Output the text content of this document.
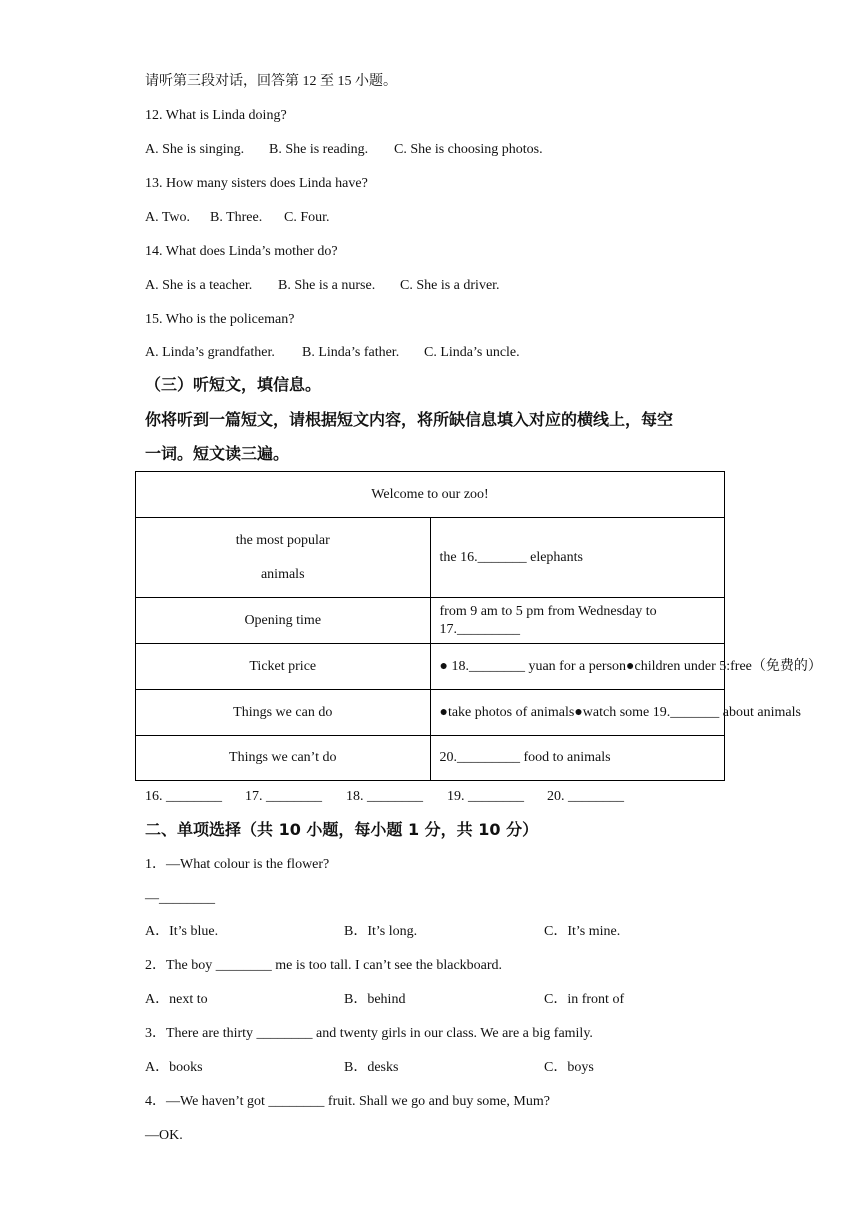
请听第三段对话，回答第 12 至 15 小题。
12. What is Linda doing?
A. She is singing. B. She is reading. C. She is choosing photos.
13. How many sisters does Linda have?
A. Two. B. Three. C. Four.
14. What does Linda’s mother do?
A. She is a teacher. B. She is a nurse. C. She is a driver.
15. Who is the policeman?
A. Linda’s grandfather. B. Linda’s father. C. Linda’s uncle.
（三）听短文，填信息。
你将听到一篇短文，请根据短文内容，将所缺信息填入对应的横线上，每空
一词。短文读三遍。
Welcome to our zoo!	

the most popular
animals	the 16._______ elephants
Opening time	from 9 am to 5 pm from Wednesday to 17._________
Ticket price	● 18.________ yuan for a person●children under 5:free（免费的）
Things we can do	●take photos of animals●watch some 19._______ about animals
Things we can’t do	20._________ food to animals
16. ________ 17. ________ 18. ________ 19. ________ 20. ________
二、单项选择（共 10 小题，每小题 1 分，共 10 分）
1．—What colour is the flower?
—________
A．It’s blue.	B．It’s long.	C．It’s mine.
2．The boy ________ me is too tall. I can’t see the blackboard.
A．next to	B．behind	C．in front of
3．There are thirty ________ and twenty girls in our class. We are a big family.
A．books	B．desks	C．boys
4．—We haven’t got ________ fruit. Shall we go and buy some, Mum?
—OK.
